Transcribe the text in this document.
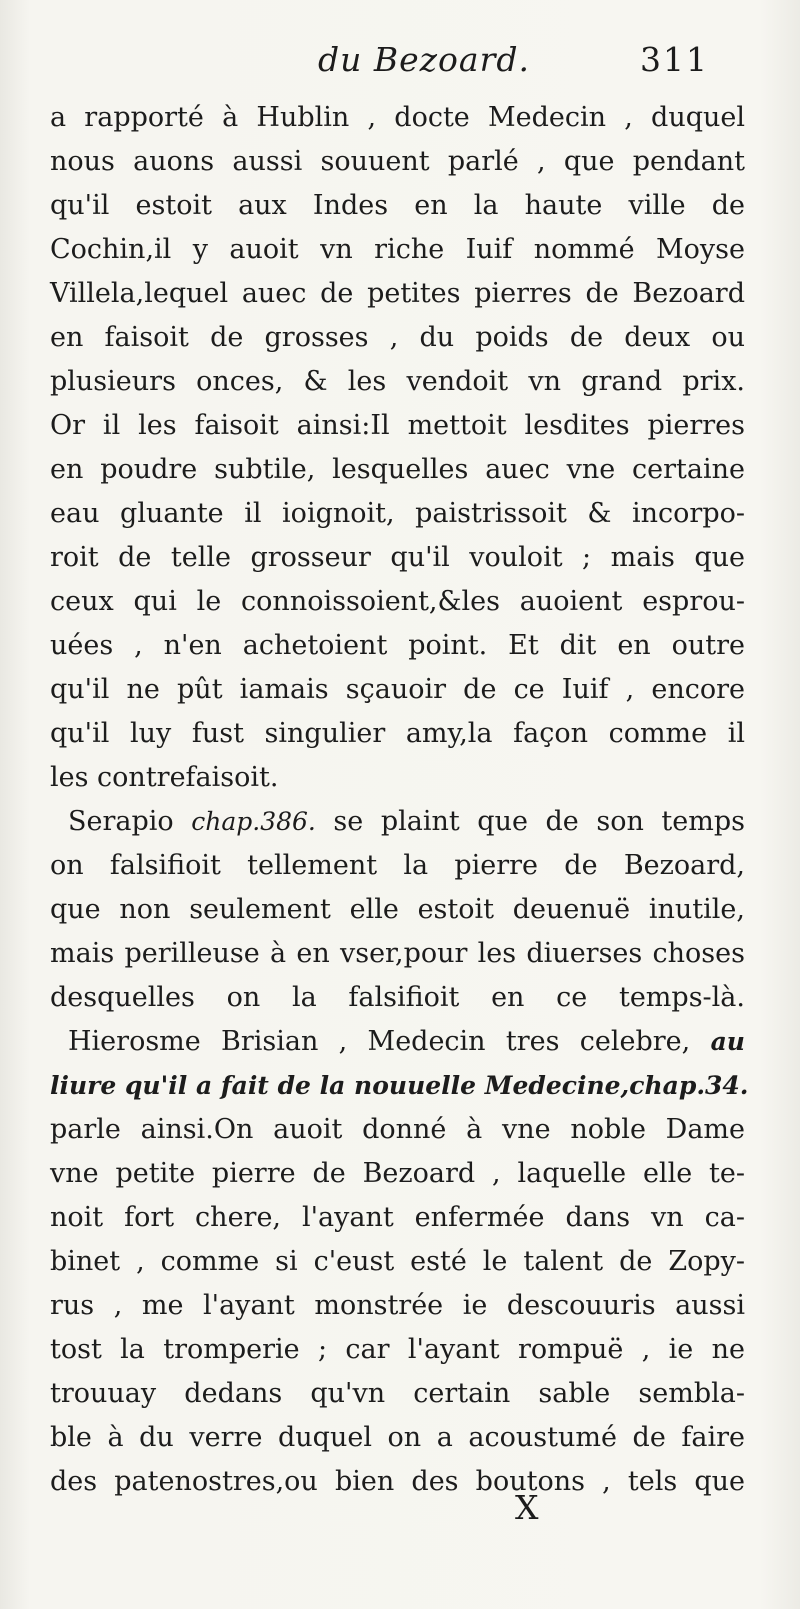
du Bezoard.	311
a rapporté à Hublin , docte Medecin , duquel
nous auons aussi souuent parlé , que pendant
qu'il estoit aux Indes en la haute ville de
Cochin,il y auoit vn riche Iuif nommé Moyse
Villela,lequel auec de petites pierres de Bezoard
en faisoit de grosses , du poids de deux ou
plusieurs onces, & les vendoit vn grand prix.
Or il les faisoit ainsi:Il mettoit lesdites pierres
en poudre subtile, lesquelles auec vne certaine
eau gluante il ioignoit, paistrissoit & incorpo-
roit de telle grosseur qu'il vouloit ; mais que
ceux qui le connoissoient,&les auoient esprou-
uées , n'en achetoient point. Et dit en outre
qu'il ne pût iamais sçauoir de ce Iuif , encore
qu'il luy fust singulier amy,la façon comme il
les contrefaisoit.
Serapio chap.386. se plaint que de son temps
on falsifioit tellement la pierre de Bezoard,
que non seulement elle estoit deuenuë inutile,
mais perilleuse à en vser,pour les diuerses choses
desquelles on la falsifioit en ce temps-là.
Hierosme Brisian , Medecin tres celebre, au
liure qu'il a fait de la nouuelle Medecine,chap.34.
parle ainsi.On auoit donné à vne noble Dame
vne petite pierre de Bezoard , laquelle elle te-
noit fort chere, l'ayant enfermée dans vn ca-
binet , comme si c'eust esté le talent de Zopy-
rus , me l'ayant monstrée ie descouuris aussi
tost la tromperie ; car l'ayant rompuë , ie ne
trouuay dedans qu'vn certain sable sembla-
ble à du verre duquel on a acoustumé de faire
des patenostres,ou bien des boutons , tels que
X
